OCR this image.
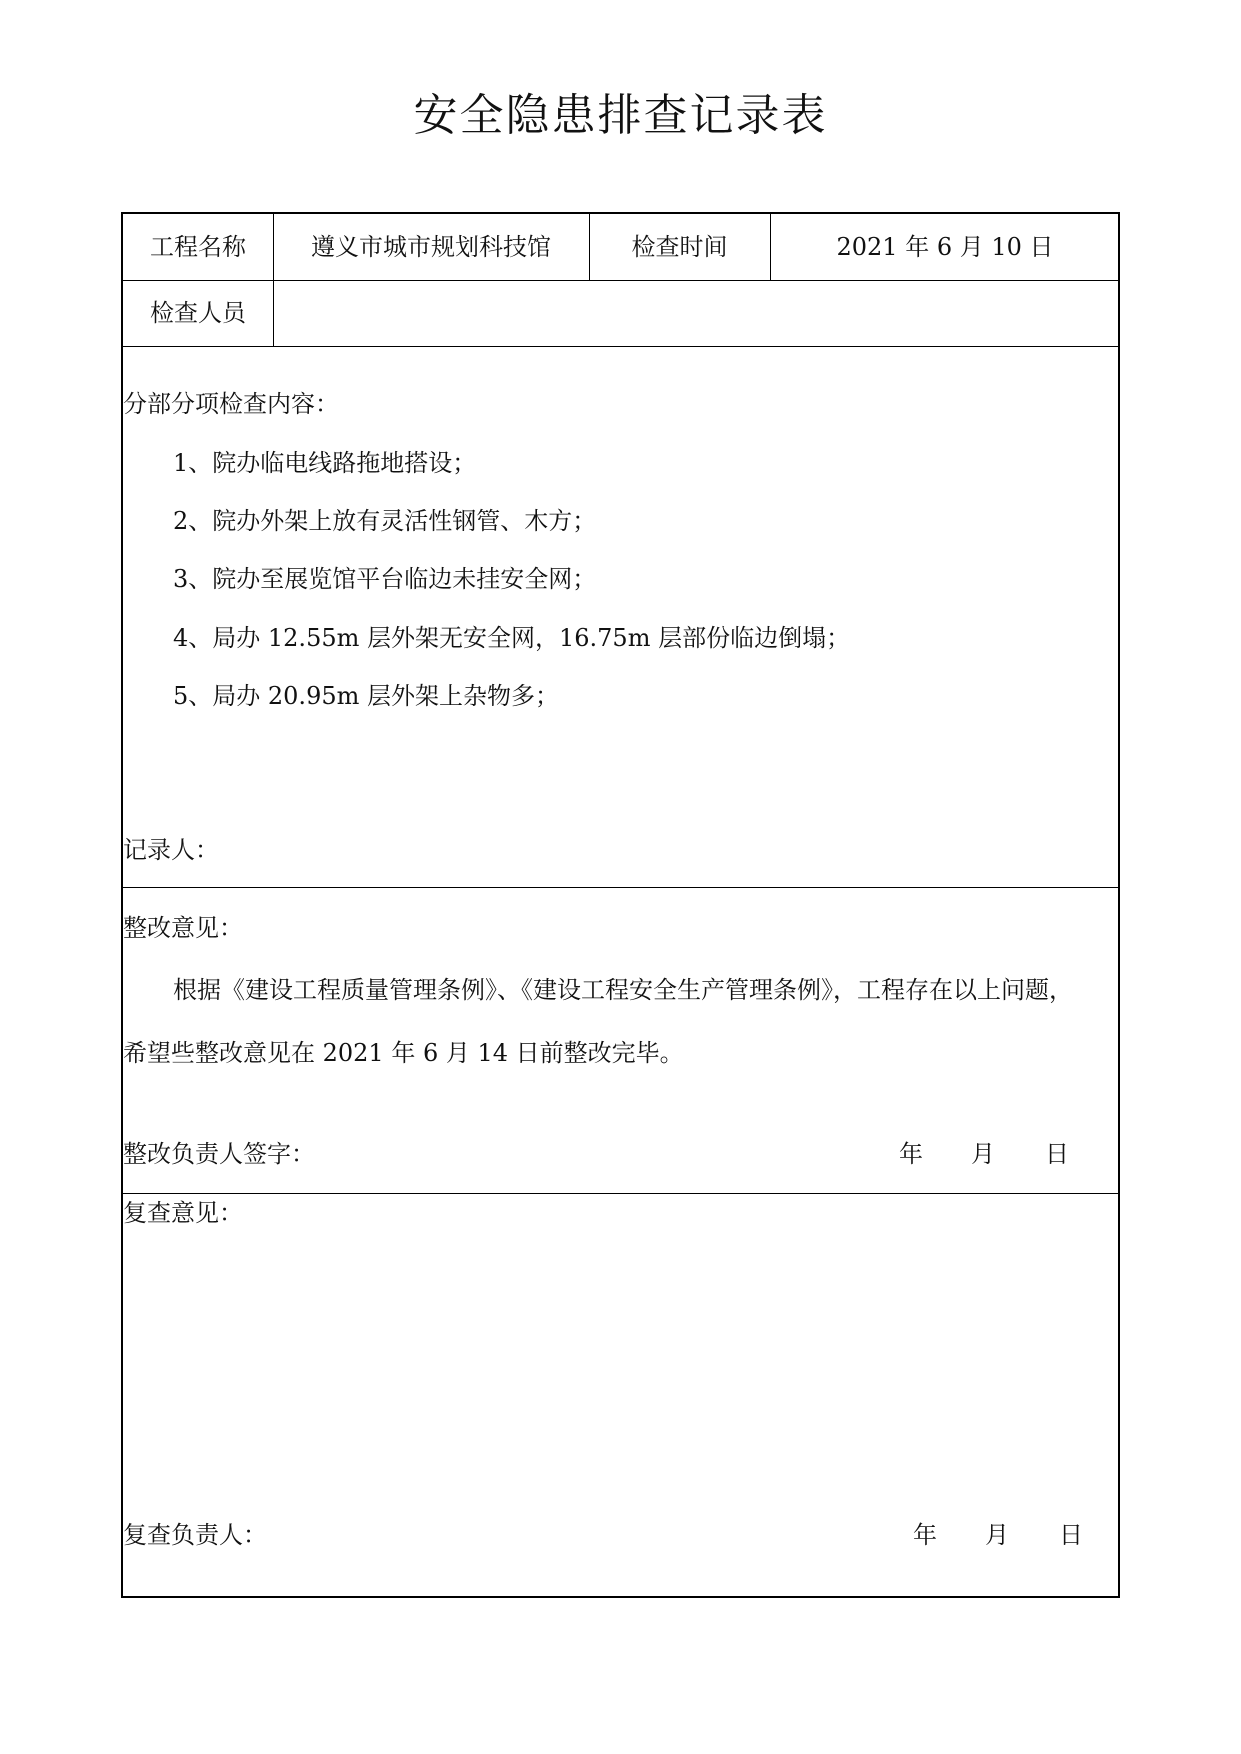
安全隐患排查记录表
工程名称	遵义市城市规划科技馆	检查时间	2021 年 6 月 10 日
检查人员
分部分项检查内容：
1、院办临电线路拖地搭设；
2、院办外架上放有灵活性钢管、木方；
3、院办至展览馆平台临边未挂安全网；
4、局办 12.55m 层外架无安全网，16.75m 层部份临边倒塌；
5、局办 20.95m 层外架上杂物多；
记录人：
整改意见：
根据《建设工程质量管理条例》、《建设工程安全生产管理条例》，工程存在以上问题，
希望些整改意见在 2021 年 6 月 14 日前整改完毕。
整改负责人签字：	年 月 日
复查意见：
复查负责人：	年 月 日
